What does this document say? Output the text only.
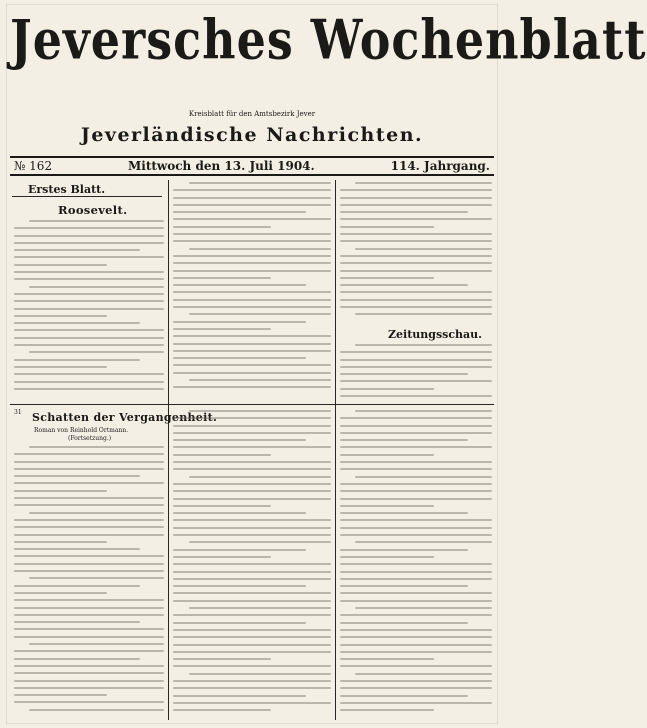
Jeversches Wochenblatt
Kreisblatt für den Amtsbezirk Jever
Jeverländische Nachrichten.
№ 162	Mittwoch den 13. Juli 1904.	114. Jahrgang.
Erstes Blatt.
Roosevelt.
Zeitungsschau.
31 Schatten der Vergangenheit.
Roman von Reinhold Ortmann.
(Fortsetzung.)
